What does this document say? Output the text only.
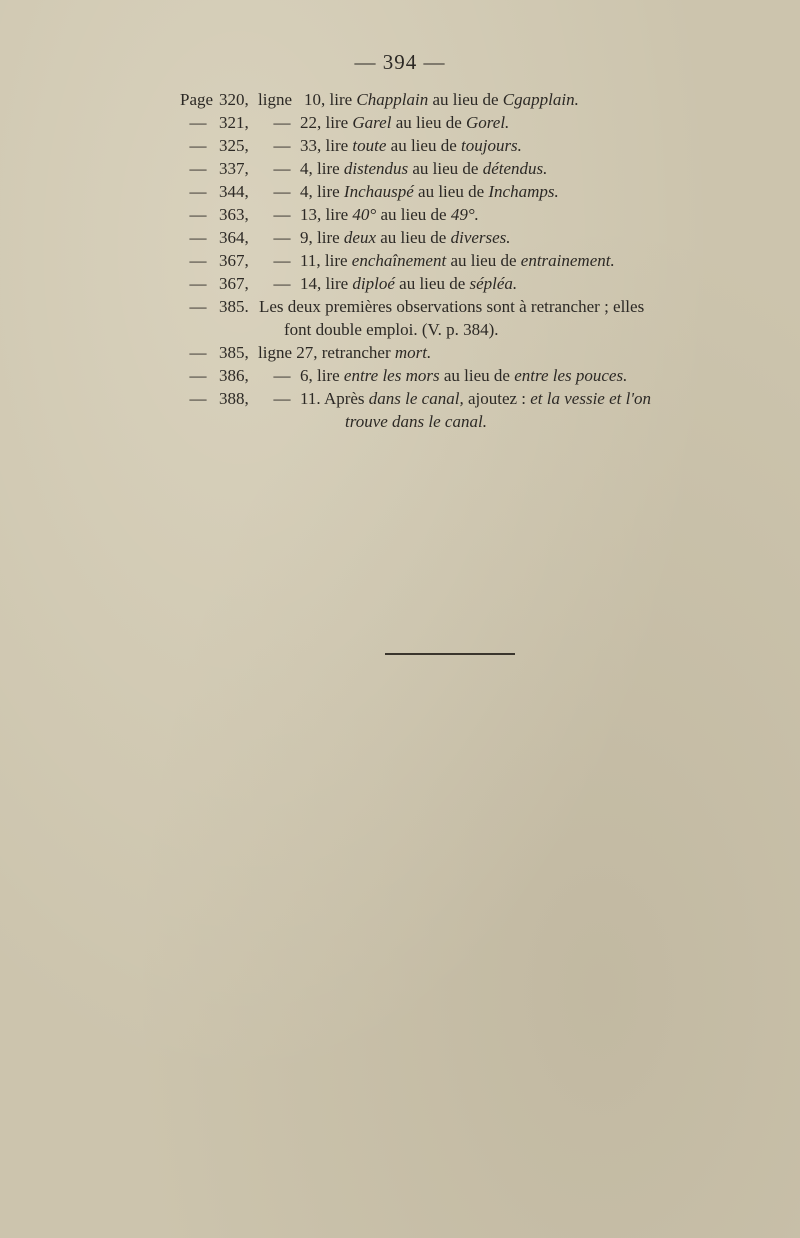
— 394 —
Page 320, ligne 10, lire Chapplain au lieu de Cgapplain.
— 321, — 22, lire Garel au lieu de Gorel.
— 325, — 33, lire toute au lieu de toujours.
— 337, — 4, lire distendus au lieu de détendus.
— 344, — 4, lire Inchauspé au lieu de Inchamps.
— 363, — 13, lire 40° au lieu de 49°.
— 364, — 9, lire deux au lieu de diverses.
— 367, — 11, lire enchaînement au lieu de entrainement.
— 367, — 14, lire diploé au lieu de sépléa.
— 385. Les deux premières observations sont à retrancher ; elles
font double emploi. (V. p. 384).
— 385, ligne 27, retrancher mort.
— 386, — 6, lire entre les mors au lieu de entre les pouces.
— 388, — 11. Après dans le canal, ajoutez : et la vessie et l'on
trouve dans le canal.
